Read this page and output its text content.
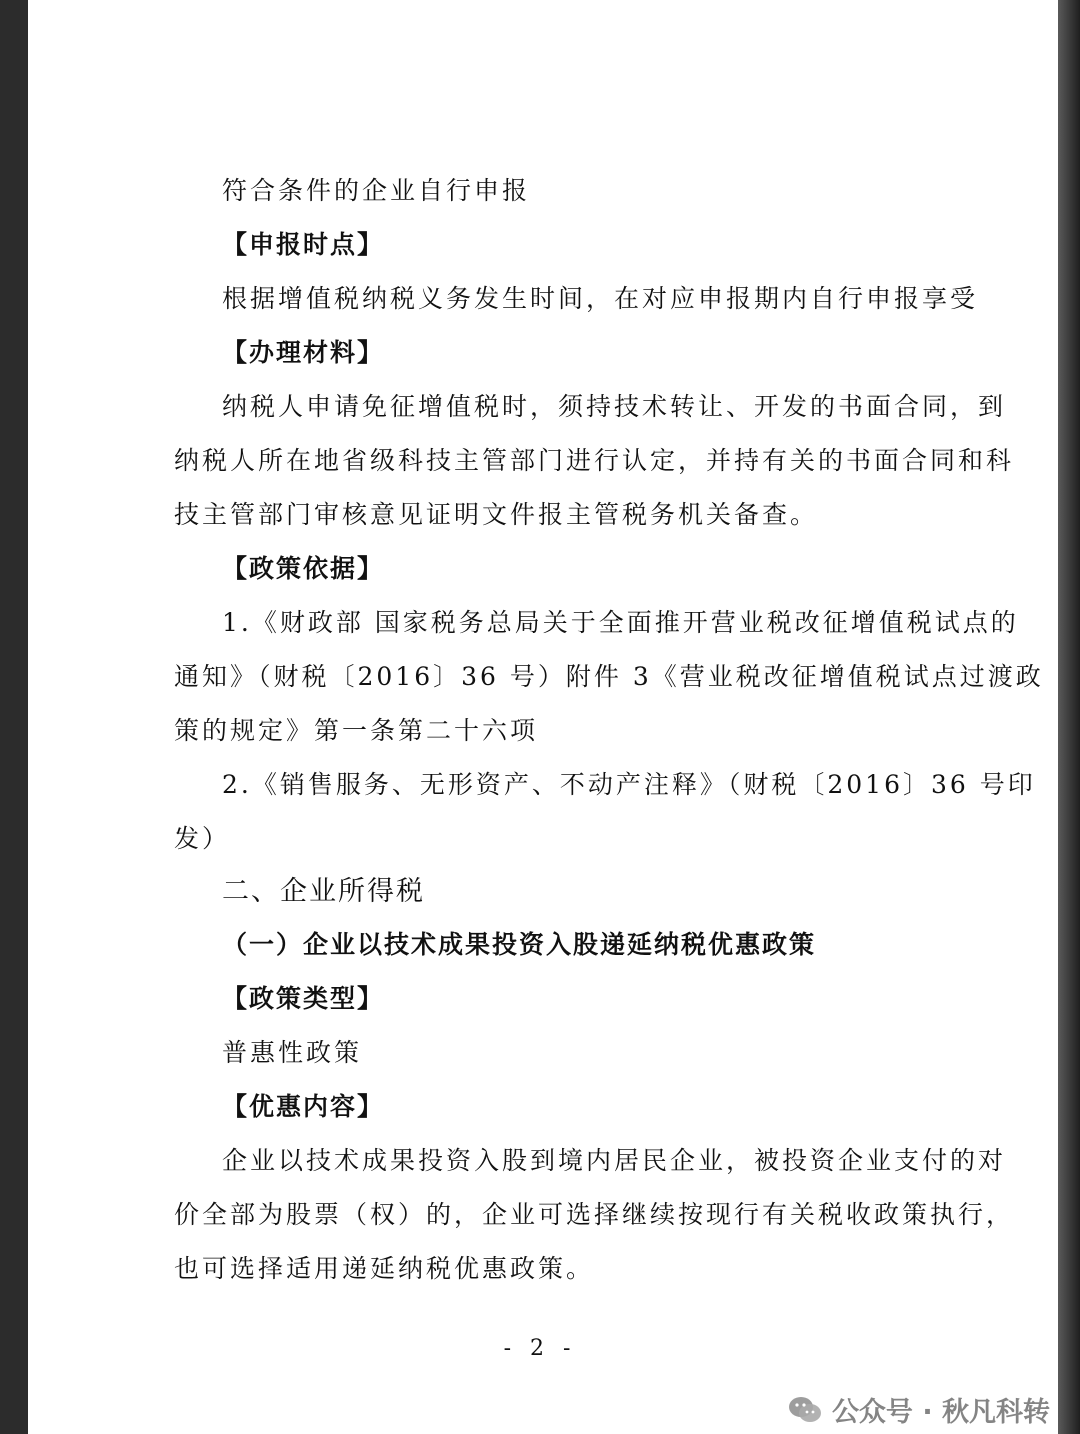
符合条件的企业自行申报
【申报时点】
根据增值税纳税义务发生时间，在对应申报期内自行申报享受
【办理材料】
纳税人申请免征增值税时，须持技术转让、开发的书面合同，到
纳税人所在地省级科技主管部门进行认定，并持有关的书面合同和科
技主管部门审核意见证明文件报主管税务机关备查。
【政策依据】
1.《财政部 国家税务总局关于全面推开营业税改征增值税试点的
通知》（财税〔2016〕36 号）附件 3《营业税改征增值税试点过渡政
策的规定》第一条第二十六项
2.《销售服务、无形资产、不动产注释》（财税〔2016〕36 号印
发）
二、企业所得税
（一）企业以技术成果投资入股递延纳税优惠政策
【政策类型】
普惠性政策
【优惠内容】
企业以技术成果投资入股到境内居民企业，被投资企业支付的对
价全部为股票（权）的，企业可选择继续按现行有关税收政策执行，
也可选择适用递延纳税优惠政策。
- 2 -
公众号 · 秋凡科转
